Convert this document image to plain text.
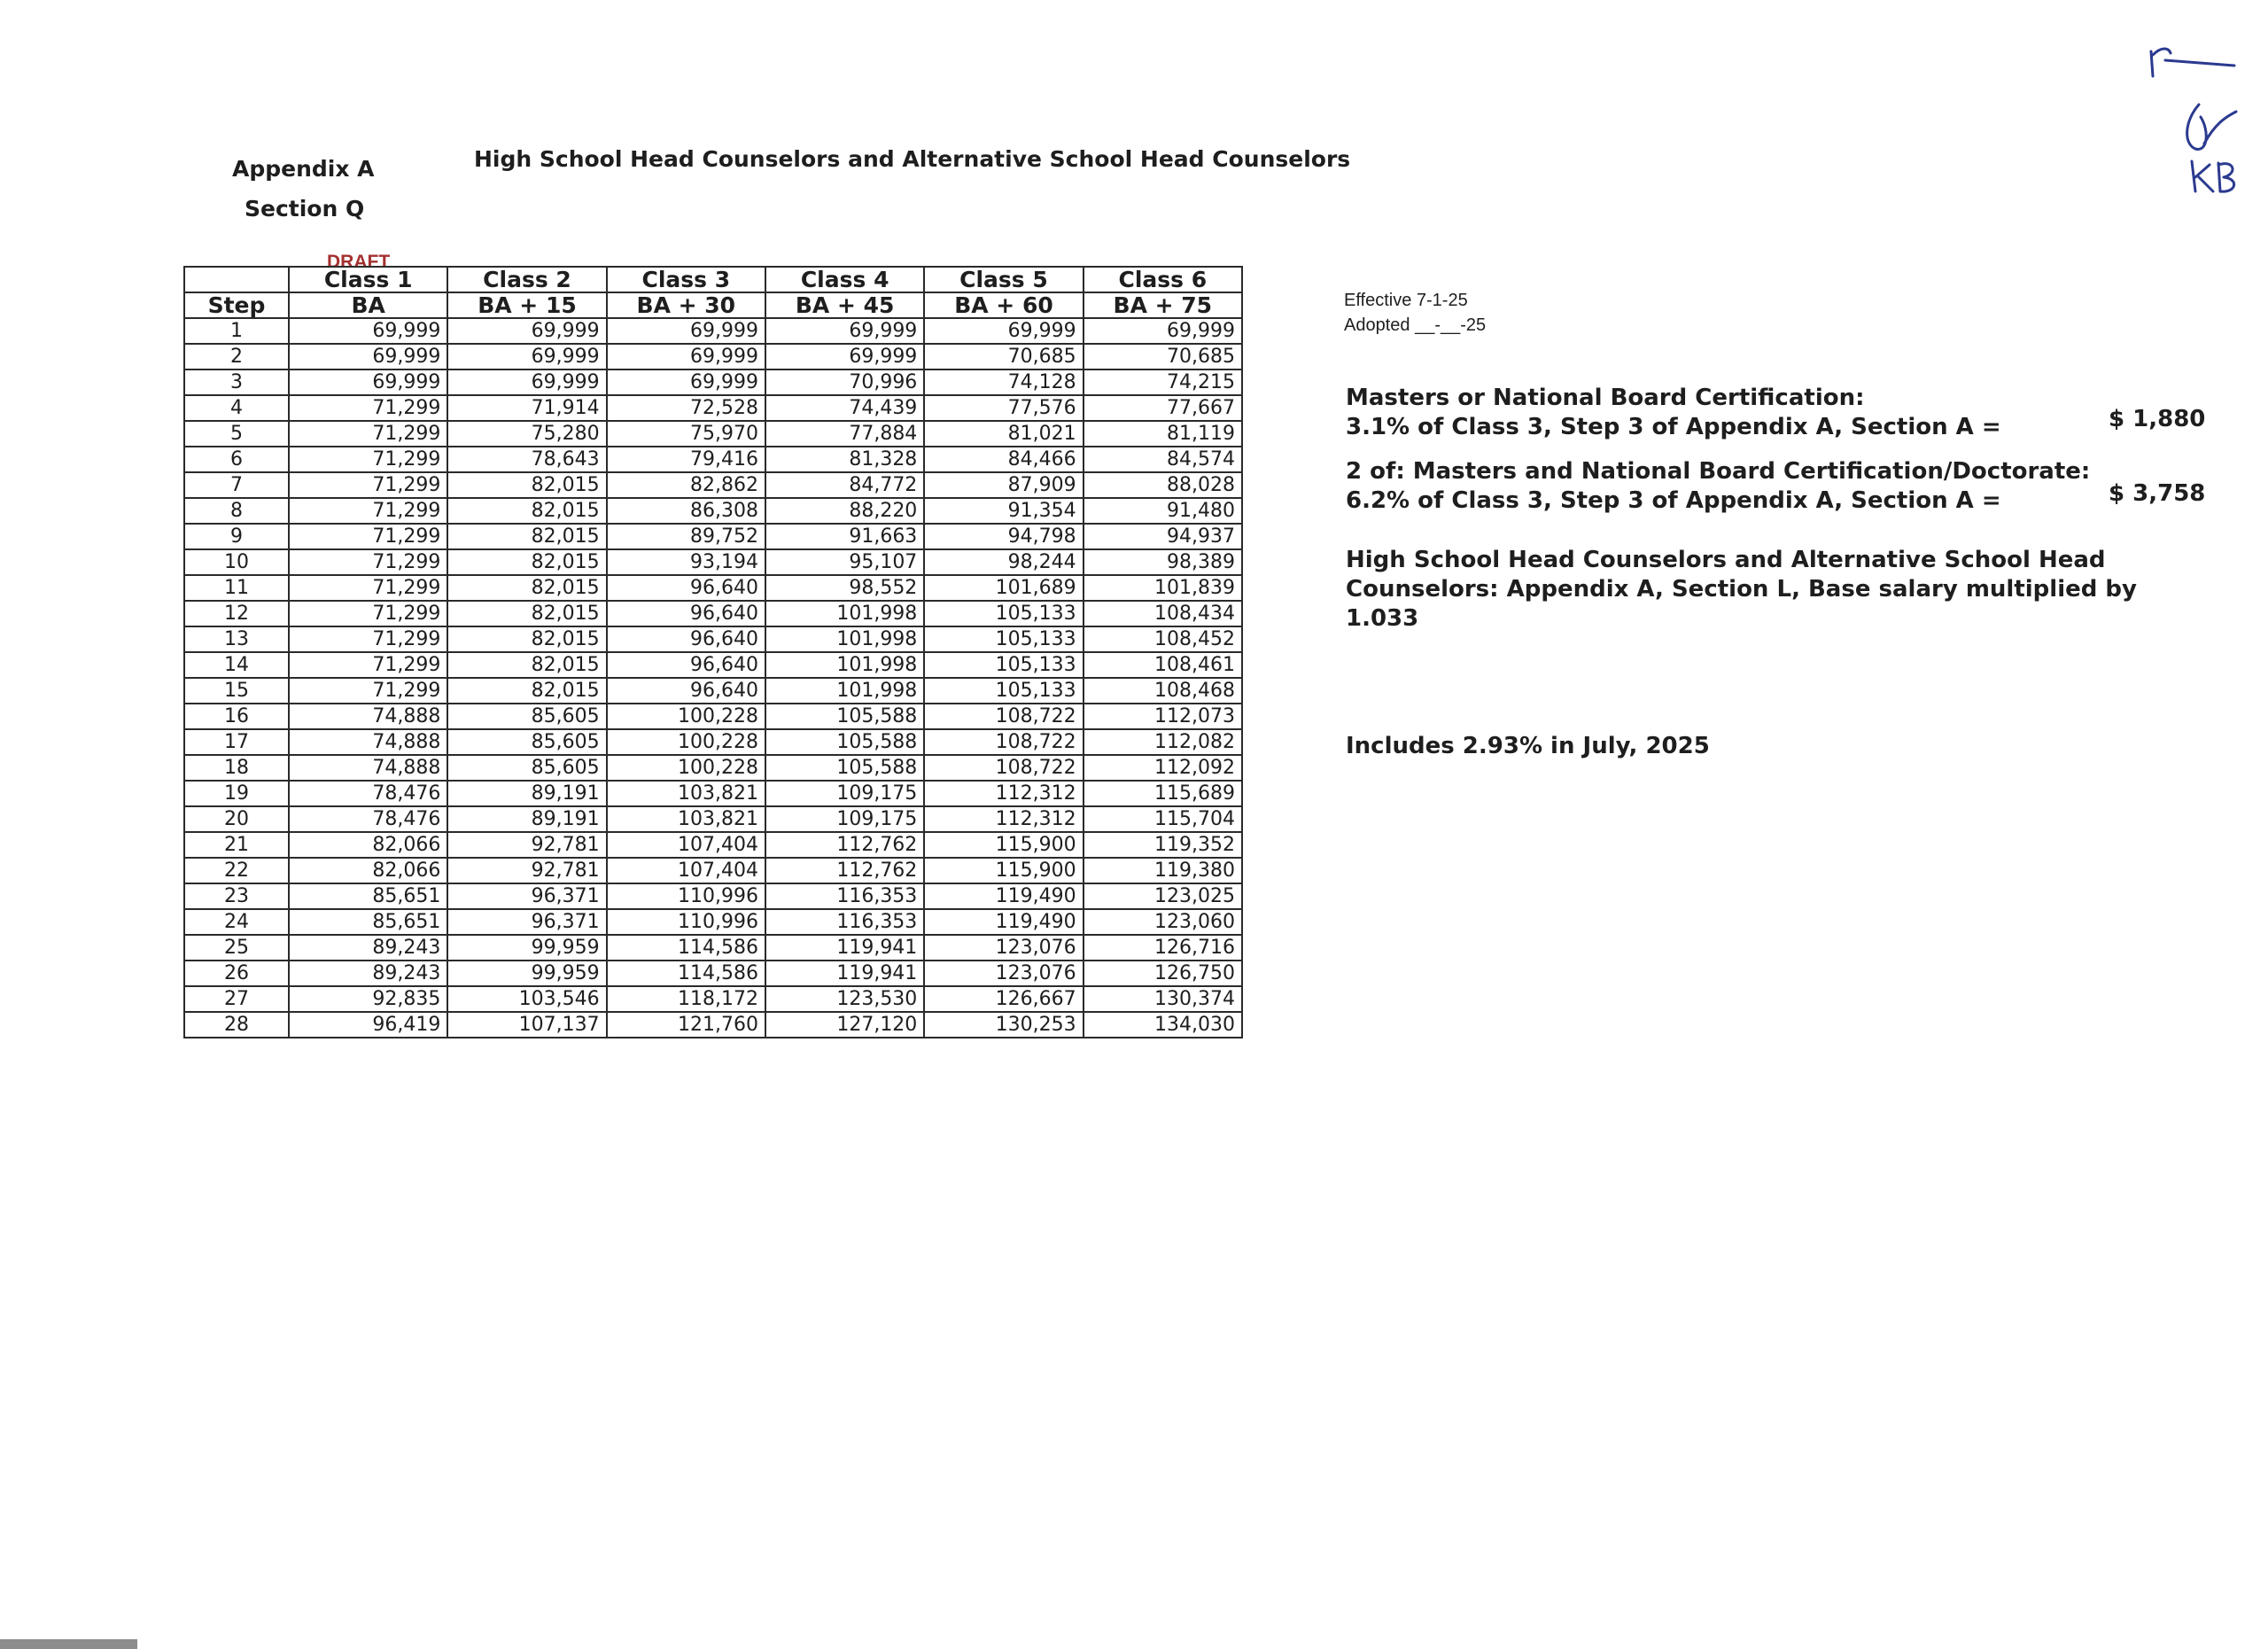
Appendix A
Section Q
High School Head Counselors and Alternative School Head Counselors
DRAFT
	Class 1	Class 2	Class 3	Class 4	Class 5	Class 6
Step	BA	BA + 15	BA + 30	BA + 45	BA + 60	BA + 75
1	69,999	69,999	69,999	69,999	69,999	69,999
2	69,999	69,999	69,999	69,999	70,685	70,685
3	69,999	69,999	69,999	70,996	74,128	74,215
4	71,299	71,914	72,528	74,439	77,576	77,667
5	71,299	75,280	75,970	77,884	81,021	81,119
6	71,299	78,643	79,416	81,328	84,466	84,574
7	71,299	82,015	82,862	84,772	87,909	88,028
8	71,299	82,015	86,308	88,220	91,354	91,480
9	71,299	82,015	89,752	91,663	94,798	94,937
10	71,299	82,015	93,194	95,107	98,244	98,389
11	71,299	82,015	96,640	98,552	101,689	101,839
12	71,299	82,015	96,640	101,998	105,133	108,434
13	71,299	82,015	96,640	101,998	105,133	108,452
14	71,299	82,015	96,640	101,998	105,133	108,461
15	71,299	82,015	96,640	101,998	105,133	108,468
16	74,888	85,605	100,228	105,588	108,722	112,073
17	74,888	85,605	100,228	105,588	108,722	112,082
18	74,888	85,605	100,228	105,588	108,722	112,092
19	78,476	89,191	103,821	109,175	112,312	115,689
20	78,476	89,191	103,821	109,175	112,312	115,704
21	82,066	92,781	107,404	112,762	115,900	119,352
22	82,066	92,781	107,404	112,762	115,900	119,380
23	85,651	96,371	110,996	116,353	119,490	123,025
24	85,651	96,371	110,996	116,353	119,490	123,060
25	89,243	99,959	114,586	119,941	123,076	126,716
26	89,243	99,959	114,586	119,941	123,076	126,750
27	92,835	103,546	118,172	123,530	126,667	130,374
28	96,419	107,137	121,760	127,120	130,253	134,030
Effective 7-1-25
Adopted __-__-25
Masters or National Board Certification:
3.1% of Class 3, Step 3 of Appendix A, Section A =	$ 1,880
2 of: Masters and National Board Certification/Doctorate:
6.2% of Class 3, Step 3 of Appendix A, Section A =	$ 3,758
High School Head Counselors and Alternative School Head Counselors: Appendix A, Section L, Base salary multiplied by 1.033
Includes 2.93% in July, 2025
